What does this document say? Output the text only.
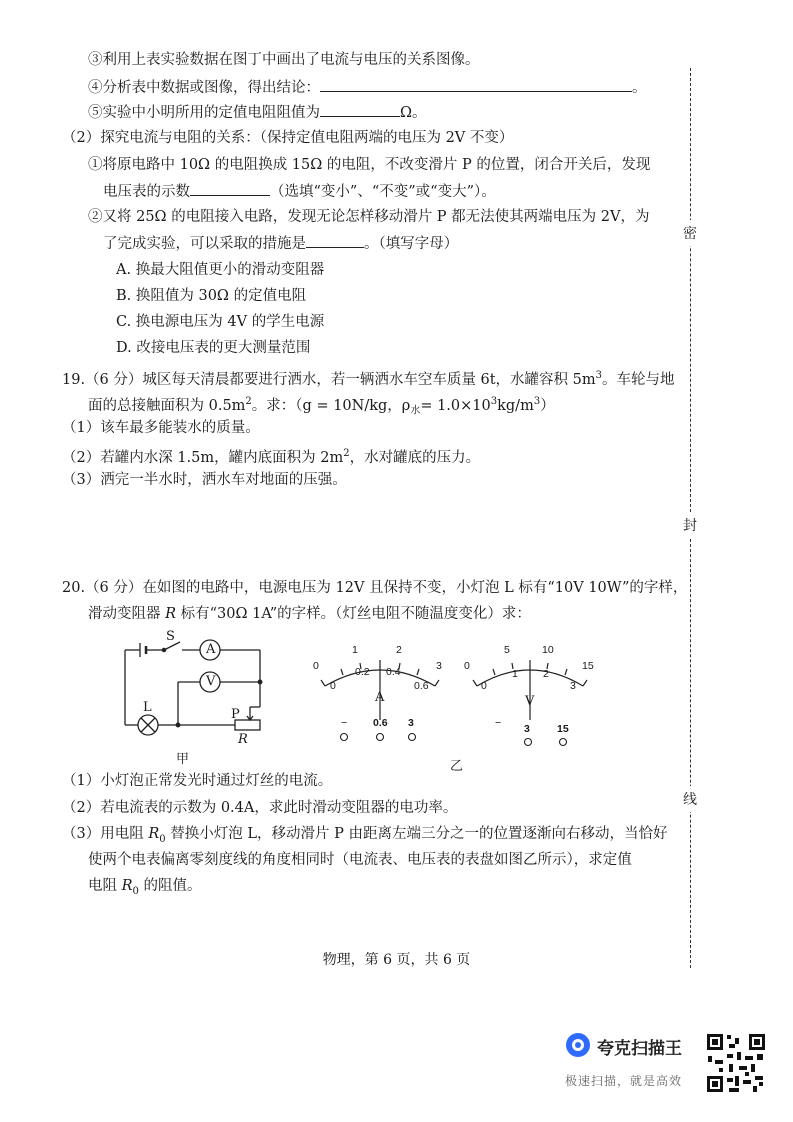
③利用上表实验数据在图丁中画出了电流与电压的关系图像。
④分析表中数据或图像，得出结论：	。
⑤实验中小明所用的定值电阻阻值为	Ω。
（2）探究电流与电阻的关系：（保持定值电阻两端的电压为 2V 不变）
①将原电路中 10Ω 的电阻换成 15Ω 的电阻，不改变滑片 P 的位置，闭合开关后，发现
电压表的示数	（选填“变小”、“不变”或“变大”）。
②又将 25Ω 的电阻接入电路，发现无论怎样移动滑片 P 都无法使其两端电压为 2V，为
了完成实验，可以采取的措施是	。（填写字母）
A. 换最大阻值更小的滑动变阻器
B. 换阻值为 30Ω 的定值电阻
C. 换电源电压为 4V 的学生电源
D. 改接电压表的更大测量范围
19.（6 分）城区每天清晨都要进行洒水，若一辆洒水车空车质量 6t，水罐容积 $5m^3$。车轮与地
面的总接触面积为 $0.5m^2$。求：（g = 10N/kg，$\rho_水= 1.0\times 10^3kg/m^3$）
（1）该车最多能装水的质量。
（2）若罐内水深 1.5m，罐内底面积为 $2m^2$，水对罐底的压力。
（3）洒完一半水时，洒水车对地面的压强。
20.（6 分）在如图的电路中，电源电压为 12V 且保持不变，小灯泡 L 标有“10V 10W”的字样，
滑动变阻器 R 标有“30Ω 1A”的字样。（灯丝电阻不随温度变化）求：
S
A
V
L	P
R
甲
0
1	2
3
0
0.2 0.4
0.6
A
− 0.6 3
0
5	10
15
0
1 2
3
V
− 3	15
乙
（1）小灯泡正常发光时通过灯丝的电流。
（2）若电流表的示数为 0.4A，求此时滑动变阻器的电功率。
（3）用电阻 $R_0$ 替换小灯泡 L，移动滑片 P 由距离左端三分之一的位置逐渐向右移动，当恰好
使两个电表偏离零刻度线的角度相同时（电流表、电压表的表盘如图乙所示），求定值
电阻 $R_0$ 的阻值。
密
封
线
物理，第 6 页，共 6 页
夸克扫描王
极速扫描，就是高效
